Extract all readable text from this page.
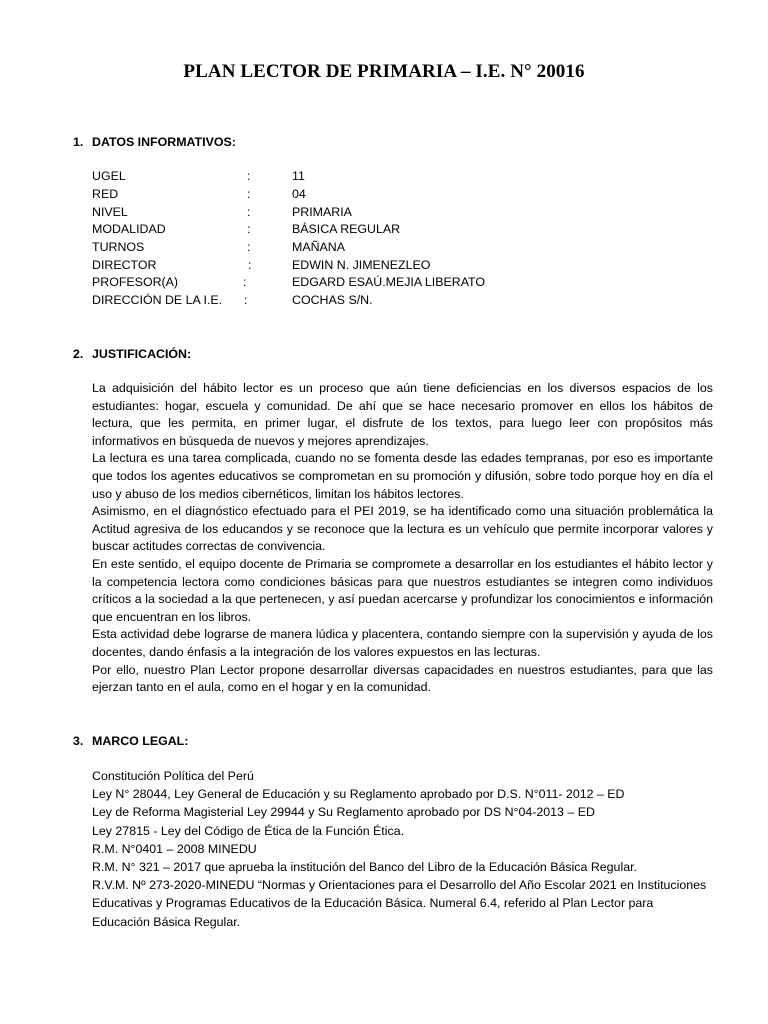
PLAN LECTOR DE PRIMARIA – I.E. N° 20016
1. DATOS INFORMATIVOS:
UGEL	:	11
RED	:	04
NIVEL	:	PRIMARIA
MODALIDAD	:	BÁSICA REGULAR
TURNOS	:	MAÑANA
DIRECTOR	:	EDWIN N. JIMENEZLEO
PROFESOR(A)	:	EDGARD ESAÚ.MEJIA LIBERATO
DIRECCIÓN DE LA I.E. :	COCHAS S/N.
2. JUSTIFICACIÓN:

La adquisición del hábito lector es un proceso que aún tiene deficiencias en los diversos espacios de los estudiantes: hogar, escuela y comunidad. De ahí que se hace necesario promover en ellos los hábitos de lectura, que les permita, en primer lugar, el disfrute de los textos, para luego leer con propósitos más informativos en búsqueda de nuevos y mejores aprendizajes.

La lectura es una tarea complicada, cuando no se fomenta desde las edades tempranas, por eso es importante que todos los agentes educativos se comprometan en su promoción y difusión, sobre todo porque hoy en día el uso y abuso de los medios cibernéticos, limitan los hábitos lectores.

Asimismo, en el diagnóstico efectuado para el PEI 2019, se ha identificado como una situación problemática la Actitud agresiva de los educandos y se reconoce que la lectura es un vehículo que permite incorporar valores y buscar actitudes correctas de convivencia.

En este sentido, el equipo docente de Primaria se compromete a desarrollar en los estudiantes el hábito lector y la competencia lectora como condiciones básicas para que nuestros estudiantes se integren como individuos críticos a la sociedad a la que pertenecen, y así puedan acercarse y profundizar los conocimientos e información que encuentran en los libros.

Esta actividad debe lograrse de manera lúdica y placentera, contando siempre con la supervisión y ayuda de los docentes, dando énfasis a la integración de los valores expuestos en las lecturas.

Por ello, nuestro Plan Lector propone desarrollar diversas capacidades en nuestros estudiantes, para que las ejerzan tanto en el aula, como en el hogar y en la comunidad.

3. MARCO LEGAL:

Constitución Política del Perú

Ley N° 28044, Ley General de Educación y su Reglamento aprobado por D.S. N°011- 2012 – ED

Ley de Reforma Magisterial Ley 29944 y Su Reglamento aprobado por DS N°04-2013 – ED

Ley 27815 - Ley del Código de Ética de la Función Ética.

R.M. N°0401 – 2008 MINEDU

R.M. N° 321 – 2017 que aprueba la institución del Banco del Libro de la Educación Básica Regular.

R.V.M. Nº 273-2020-MINEDU “Normas y Orientaciones para el Desarrollo del Año Escolar 2021 en Instituciones Educativas y Programas Educativos de la Educación Básica. Numeral 6.4, referido al Plan Lector para Educación Básica Regular.
